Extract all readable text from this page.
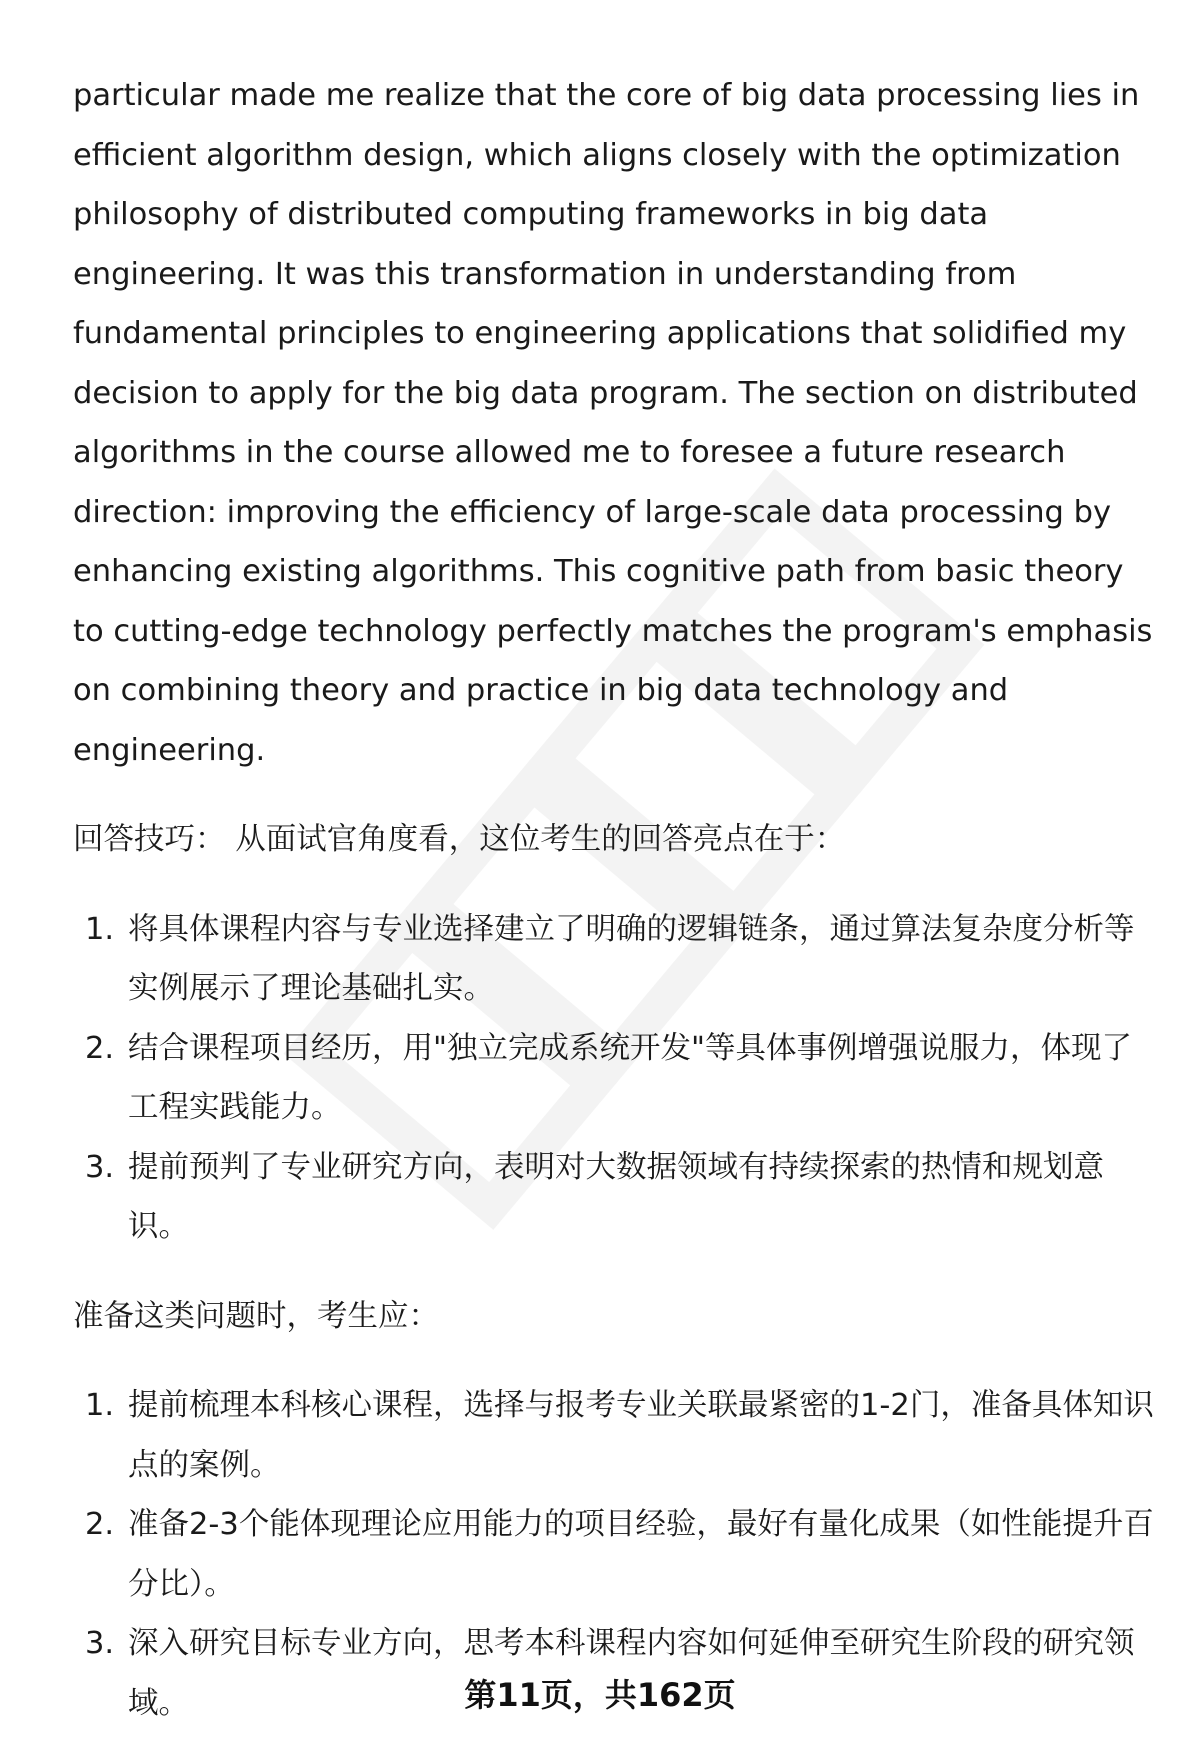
particular made me realize that the core of big data processing lies in efficient algorithm design, which aligns closely with the optimization philosophy of distributed computing frameworks in big data engineering. It was this transformation in understanding from fundamental principles to engineering applications that solidified my decision to apply for the big data program. The section on distributed algorithms in the course allowed me to foresee a future research direction: improving the efficiency of large-scale data processing by enhancing existing algorithms. This cognitive path from basic theory to cutting-edge technology perfectly matches the program's emphasis on combining theory and practice in big data technology and engineering.

回答技巧： 从面试官角度看，这位考生的回答亮点在于：

1. 将具体课程内容与专业选择建立了明确的逻辑链条，通过算法复杂度分析等实例展示了理论基础扎实。
2. 结合课程项目经历，用"独立完成系统开发"等具体事例增强说服力，体现了工程实践能力。
3. 提前预判了专业研究方向，表明对大数据领域有持续探索的热情和规划意识。

准备这类问题时，考生应：

1. 提前梳理本科核心课程，选择与报考专业关联最紧密的1-2门，准备具体知识点的案例。
2. 准备2-3个能体现理论应用能力的项目经验，最好有量化成果（如性能提升百分比）。
3. 深入研究目标专业方向，思考本科课程内容如何延伸至研究生阶段的研究领域。	第11页，共162页
